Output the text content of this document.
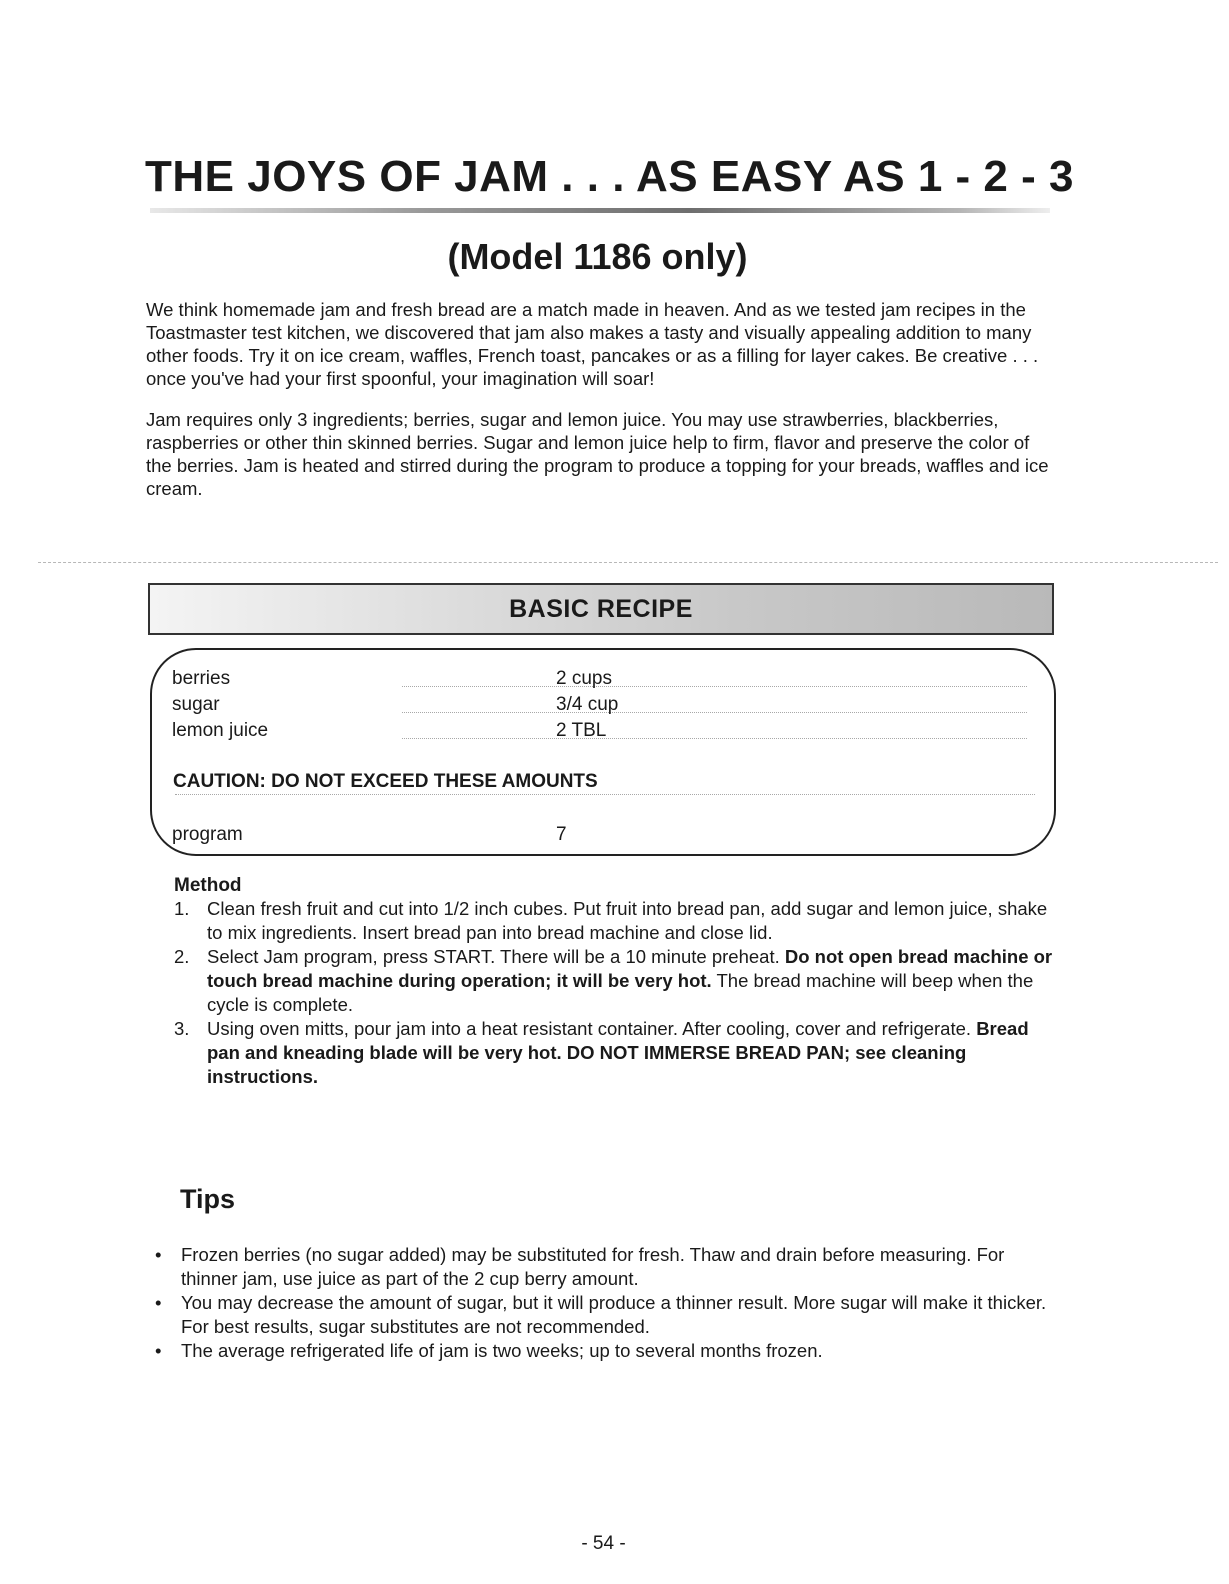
THE JOYS OF JAM . . . AS EASY AS 1 - 2 - 3
(Model 1186 only)

We think homemade jam and fresh bread are a match made in heaven. And as we tested jam recipes in the Toastmaster test kitchen, we discovered that jam also makes a tasty and visually appealing addition to many other foods. Try it on ice cream, waffles, French toast, pancakes or as a filling for layer cakes. Be creative . . . once you've had your first spoonful, your imagination will soar!

Jam requires only 3 ingredients; berries, sugar and lemon juice. You may use strawberries, blackberries, raspberries or other thin skinned berries. Sugar and lemon juice help to firm, flavor and preserve the color of the berries. Jam is heated and stirred during the program to produce a topping for your breads, waffles and ice cream.

BASIC RECIPE
berries	2 cups
sugar	3/4 cup
lemon juice	2 TBL
CAUTION: DO NOT EXCEED THESE AMOUNTS
program	7
Method
1. Clean fresh fruit and cut into 1/2 inch cubes. Put fruit into bread pan, add sugar and lemon juice, shake to mix ingredients. Insert bread pan into bread machine and close lid.
2. Select Jam program, press START. There will be a 10 minute preheat. Do not open bread machine or touch bread machine during operation; it will be very hot. The bread machine will beep when the cycle is complete.
3. Using oven mitts, pour jam into a heat resistant container. After cooling, cover and refrigerate. Bread pan and kneading blade will be very hot. DO NOT IMMERSE BREAD PAN; see cleaning instructions.
Tips
• Frozen berries (no sugar added) may be substituted for fresh. Thaw and drain before measuring. For thinner jam, use juice as part of the 2 cup berry amount.
• You may decrease the amount of sugar, but it will produce a thinner result. More sugar will make it thicker. For best results, sugar substitutes are not recommended.
• The average refrigerated life of jam is two weeks; up to several months frozen.
- 54 -
